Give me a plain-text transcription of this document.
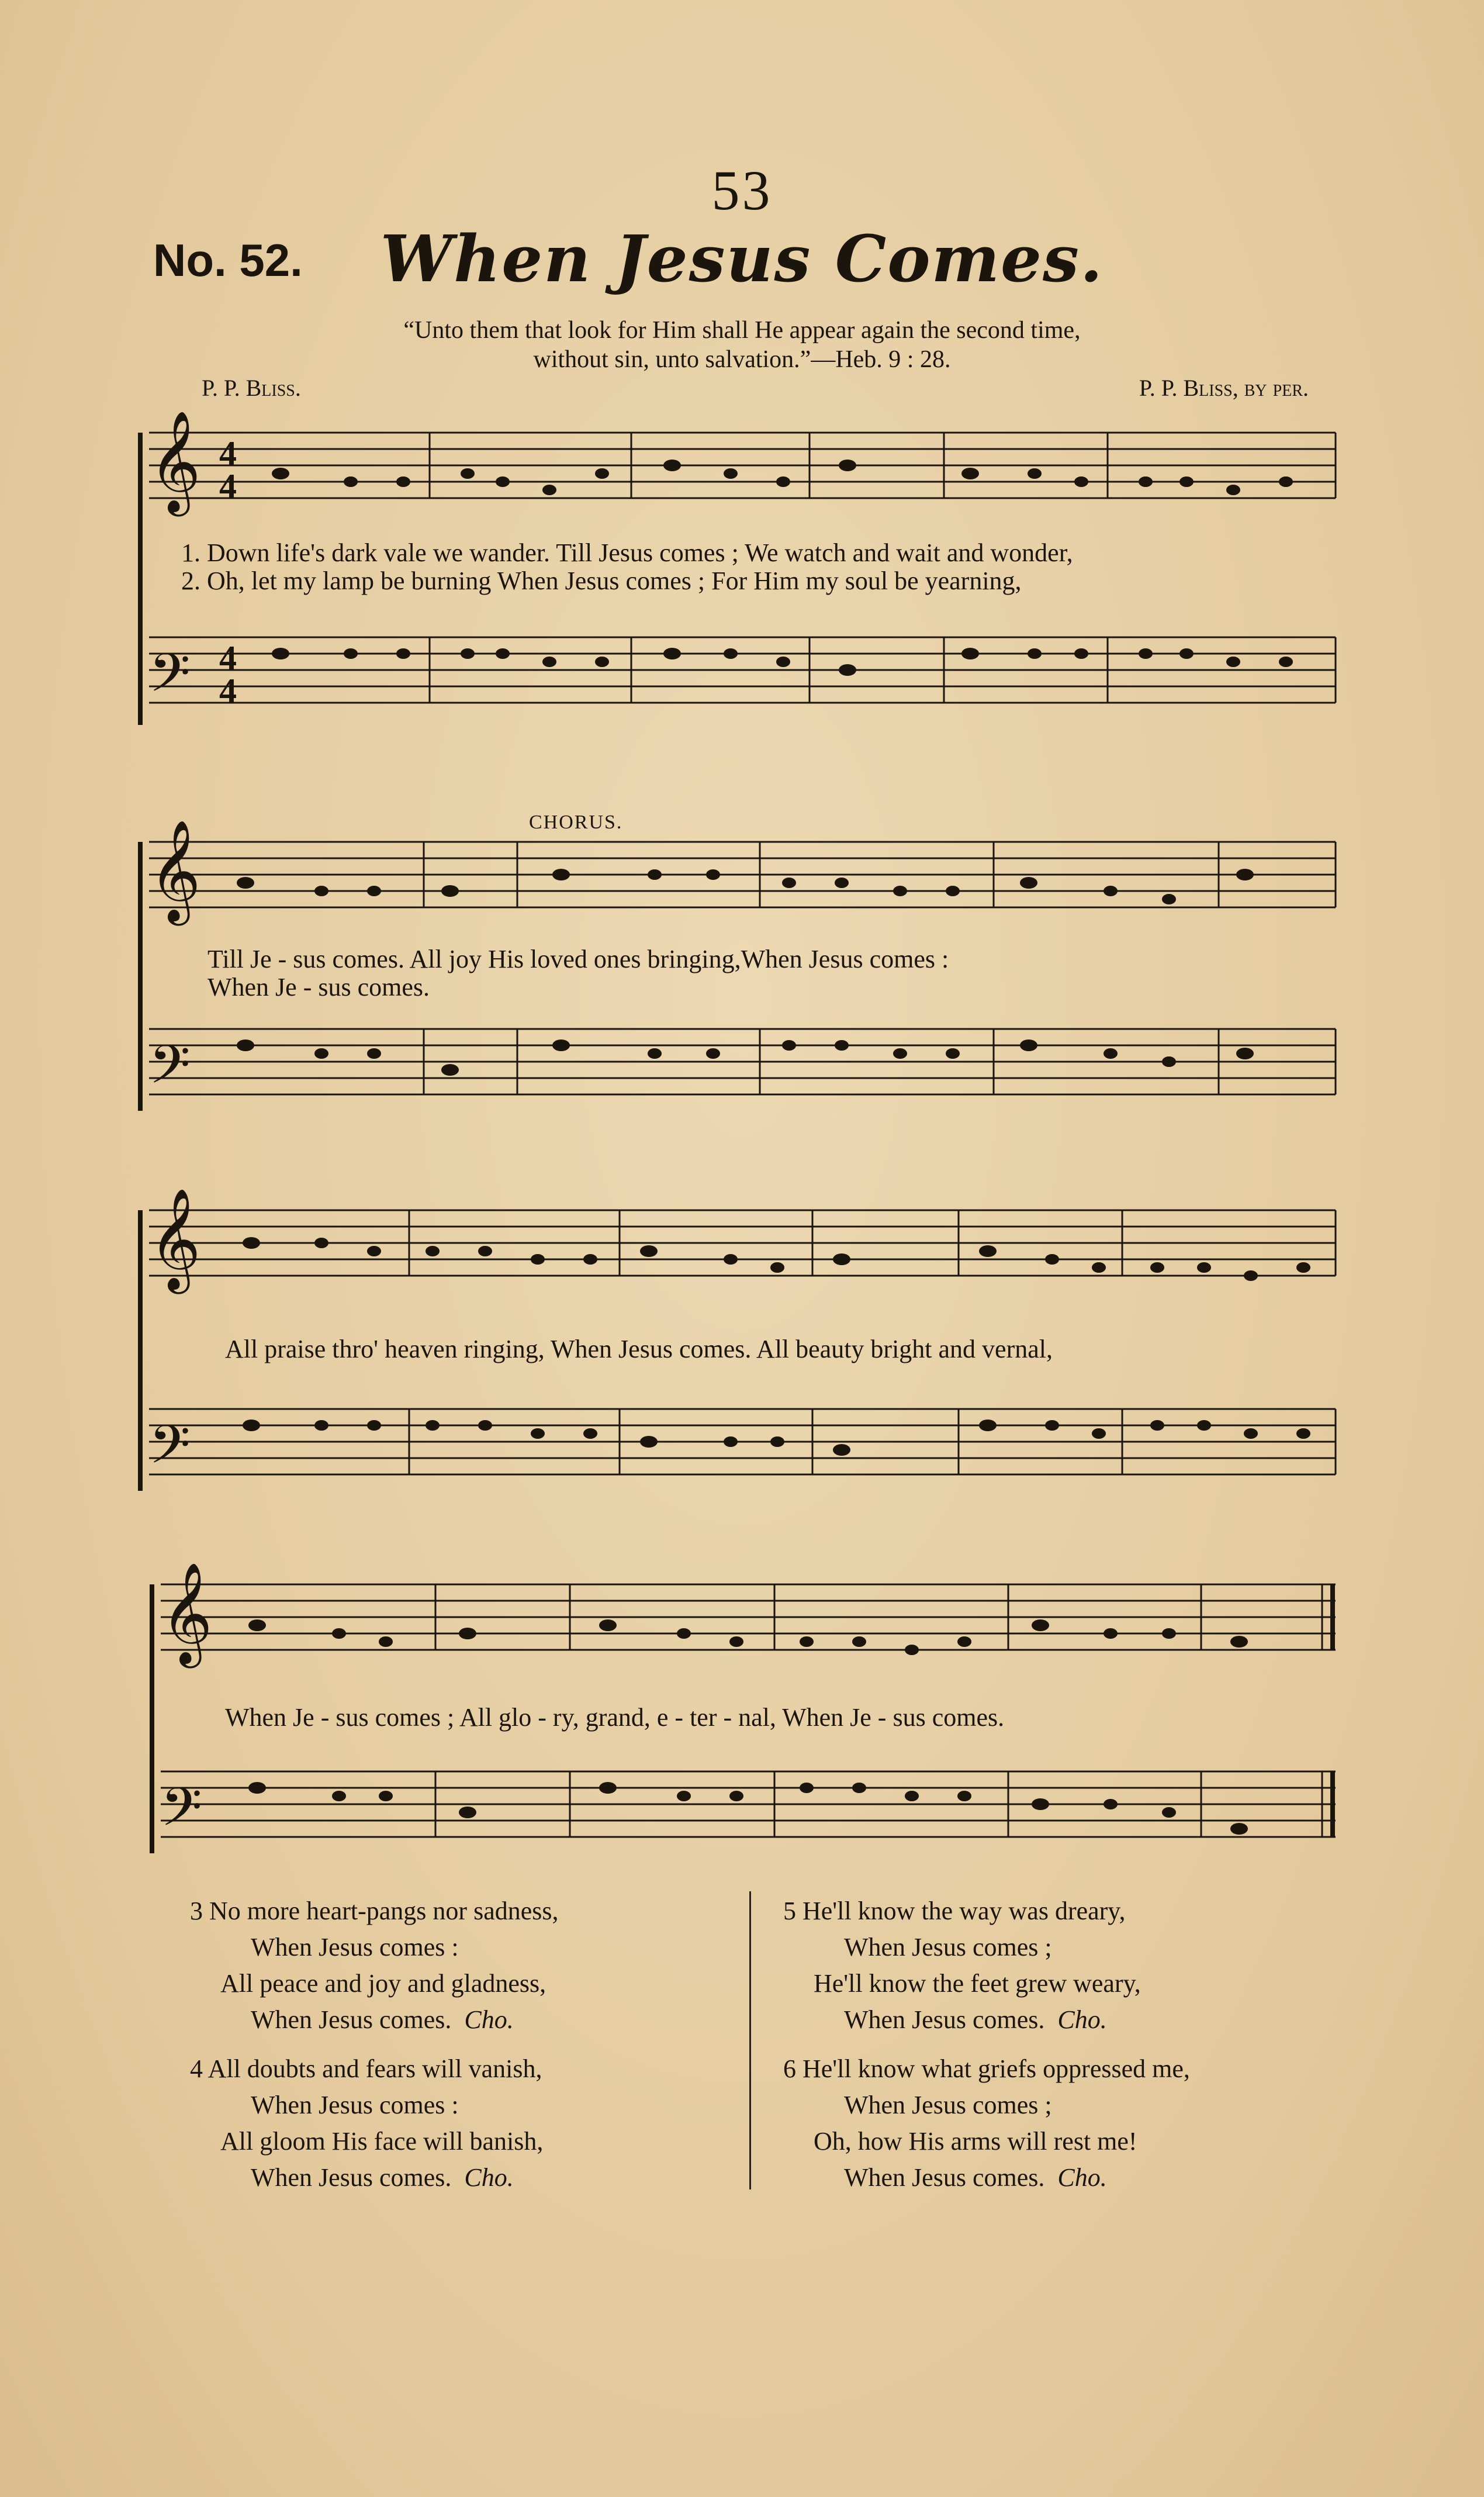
53
No. 52.	When Jesus Comes.
“Unto them that look for Him shall He appear again the second time,
without sin, unto salvation.”—Heb. 9 : 28.
P. P. Bliss.	P. P. Bliss, by per.
𝄞
𝄢
4
4
4
4
1. Down life's dark vale we wander. Till Jesus comes ; We watch and wait and wonder,
2. Oh, let my lamp be burning When Jesus comes ; For Him my soul be yearning,
CHORUS.
𝄞
𝄢
Till Je - sus comes. All joy His loved ones bringing,When Jesus comes :
When Je - sus comes.
𝄞
𝄢
All praise thro' heaven ringing, When Jesus comes. All beauty bright and vernal,
𝄞
𝄢
When Je - sus comes ; All glo - ry, grand, e - ter - nal, When Je - sus comes.
3 No more heart-pangs nor sadness,
When Jesus comes :
All peace and joy and gladness,
When Jesus comes. Cho.
4 All doubts and fears will vanish,
When Jesus comes :
All gloom His face will banish,
When Jesus comes. Cho.
5 He'll know the way was dreary,
When Jesus comes ;
He'll know the feet grew weary,
When Jesus comes. Cho.
6 He'll know what griefs oppressed me,
When Jesus comes ;
Oh, how His arms will rest me!
When Jesus comes. Cho.
